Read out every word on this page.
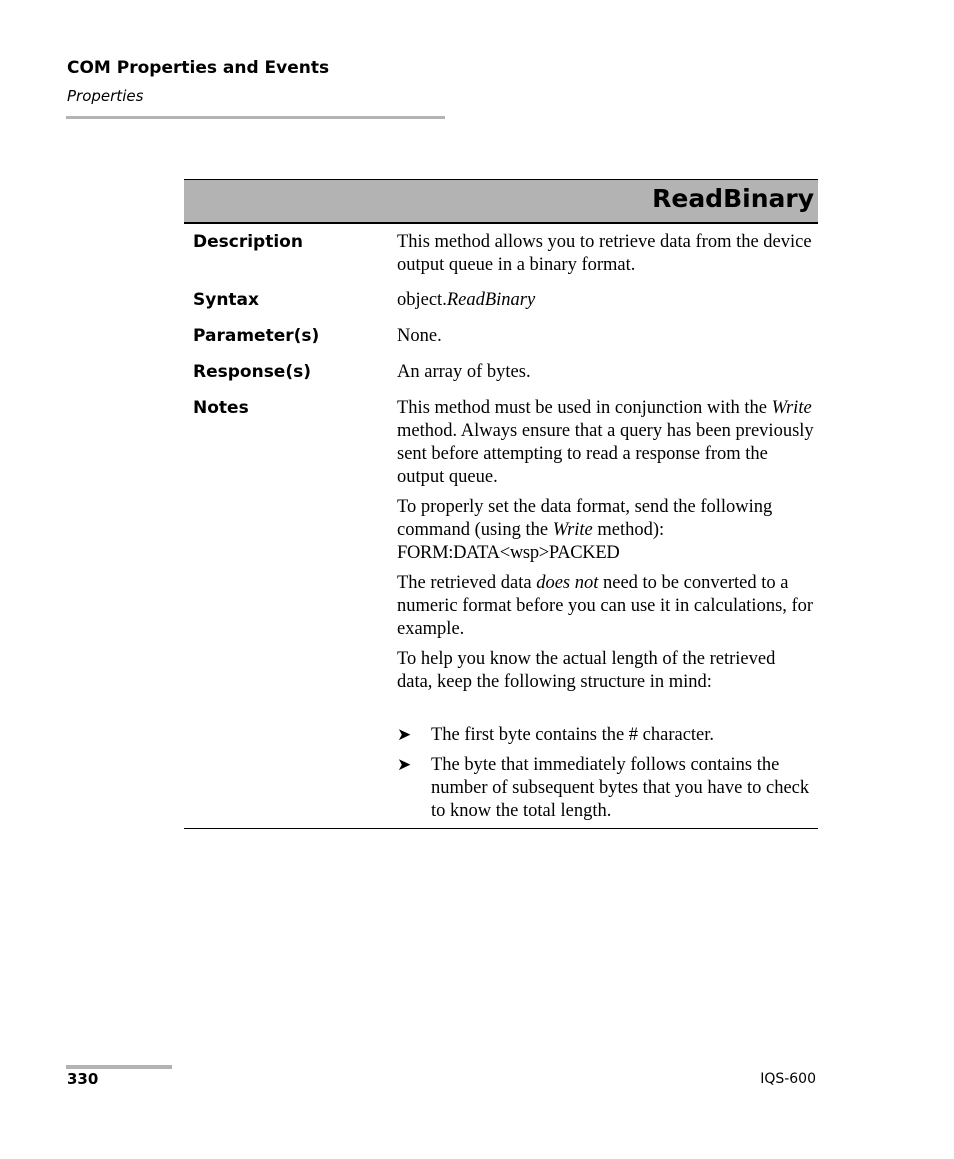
COM Properties and Events
Properties
ReadBinary
Description	This method allows you to retrieve data from the device output queue in a binary format.

Syntax	object.ReadBinary
Parameter(s)	None.
Response(s)	An array of bytes.
Notes	This method must be used in conjunction with the Write method. Always ensure that a query has been previously sent before attempting to read a response from the output queue.
To properly set the data format, send the following command (using the Write method):
FORM:DATA<wsp>PACKED
The retrieved data does not need to be converted to a numeric format before you can use it in calculations, for example.
To help you know the actual length of the retrieved data, keep the following structure in mind:
➤	The first byte contains the # character.
➤	The byte that immediately follows contains the number of subsequent bytes that you have to check to know the total length.
330	IQS-600
